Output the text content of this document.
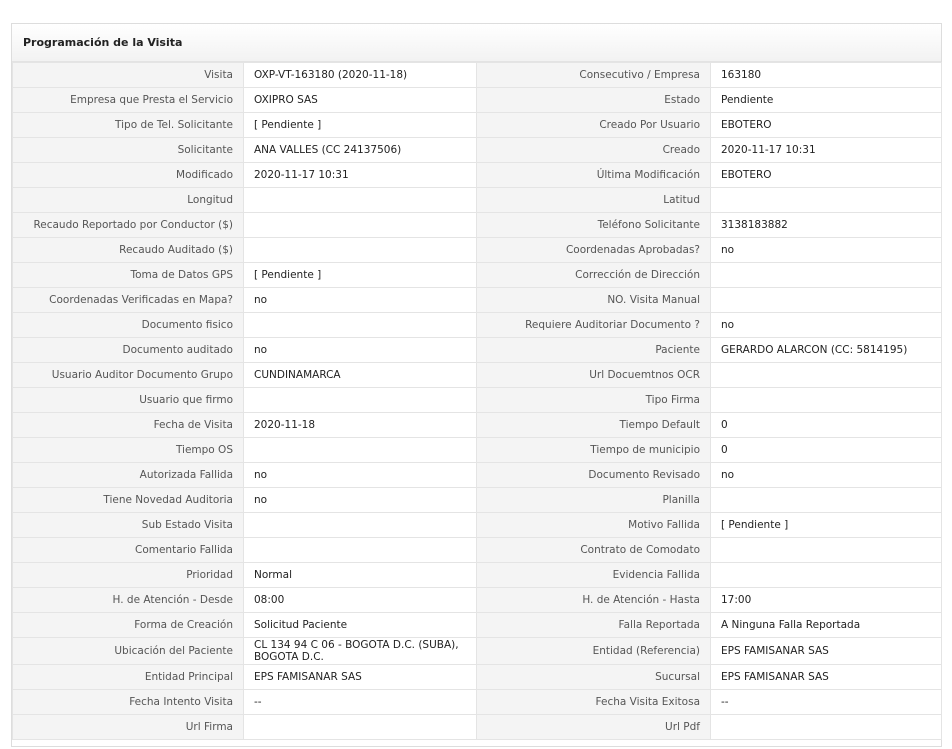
Programación de la Visita
Visita	OXP-VT-163180 (2020-11-18)	Consecutivo / Empresa	163180

Empresa que Presta el Servicio	OXIPRO SAS	Estado	Pendiente

Tipo de Tel. Solicitante	[ Pendiente ]	Creado Por Usuario	EBOTERO

Solicitante	ANA VALLES (CC 24137506)	Creado	2020-11-17 10:31

Modificado	2020-11-17 10:31	Última Modificación	EBOTERO

Longitud		Latitud	

Recaudo Reportado por Conductor ($)		Teléfono Solicitante	3138183882

Recaudo Auditado ($)		Coordenadas Aprobadas?	no

Toma de Datos GPS	[ Pendiente ]	Corrección de Dirección	

Coordenadas Verificadas en Mapa?	no	NO. Visita Manual	

Documento fisico		Requiere Auditoriar Documento ?	no

Documento auditado	no	Paciente	GERARDO ALARCON (CC: 5814195)

Usuario Auditor Documento Grupo	CUNDINAMARCA	Url Docuemtnos OCR	

Usuario que firmo		Tipo Firma	

Fecha de Visita	2020-11-18	Tiempo Default	0

Tiempo OS		Tiempo de municipio	0

Autorizada Fallida	no	Documento Revisado	no

Tiene Novedad Auditoria	no	Planilla	

Sub Estado Visita		Motivo Fallida	[ Pendiente ]

Comentario Fallida		Contrato de Comodato	

Prioridad	Normal	Evidencia Fallida	

H. de Atención - Desde	08:00	H. de Atención - Hasta	17:00

Forma de Creación	Solicitud Paciente	Falla Reportada	A Ninguna Falla Reportada

Ubicación del Paciente	CL 134 94 C 06 - BOGOTA D.C. (SUBA), BOGOTA D.C.	Entidad (Referencia)	EPS FAMISANAR SAS

Entidad Principal	EPS FAMISANAR SAS	Sucursal	EPS FAMISANAR SAS

Fecha Intento Visita	--	Fecha Visita Exitosa	--

Url Firma		Url Pdf	
